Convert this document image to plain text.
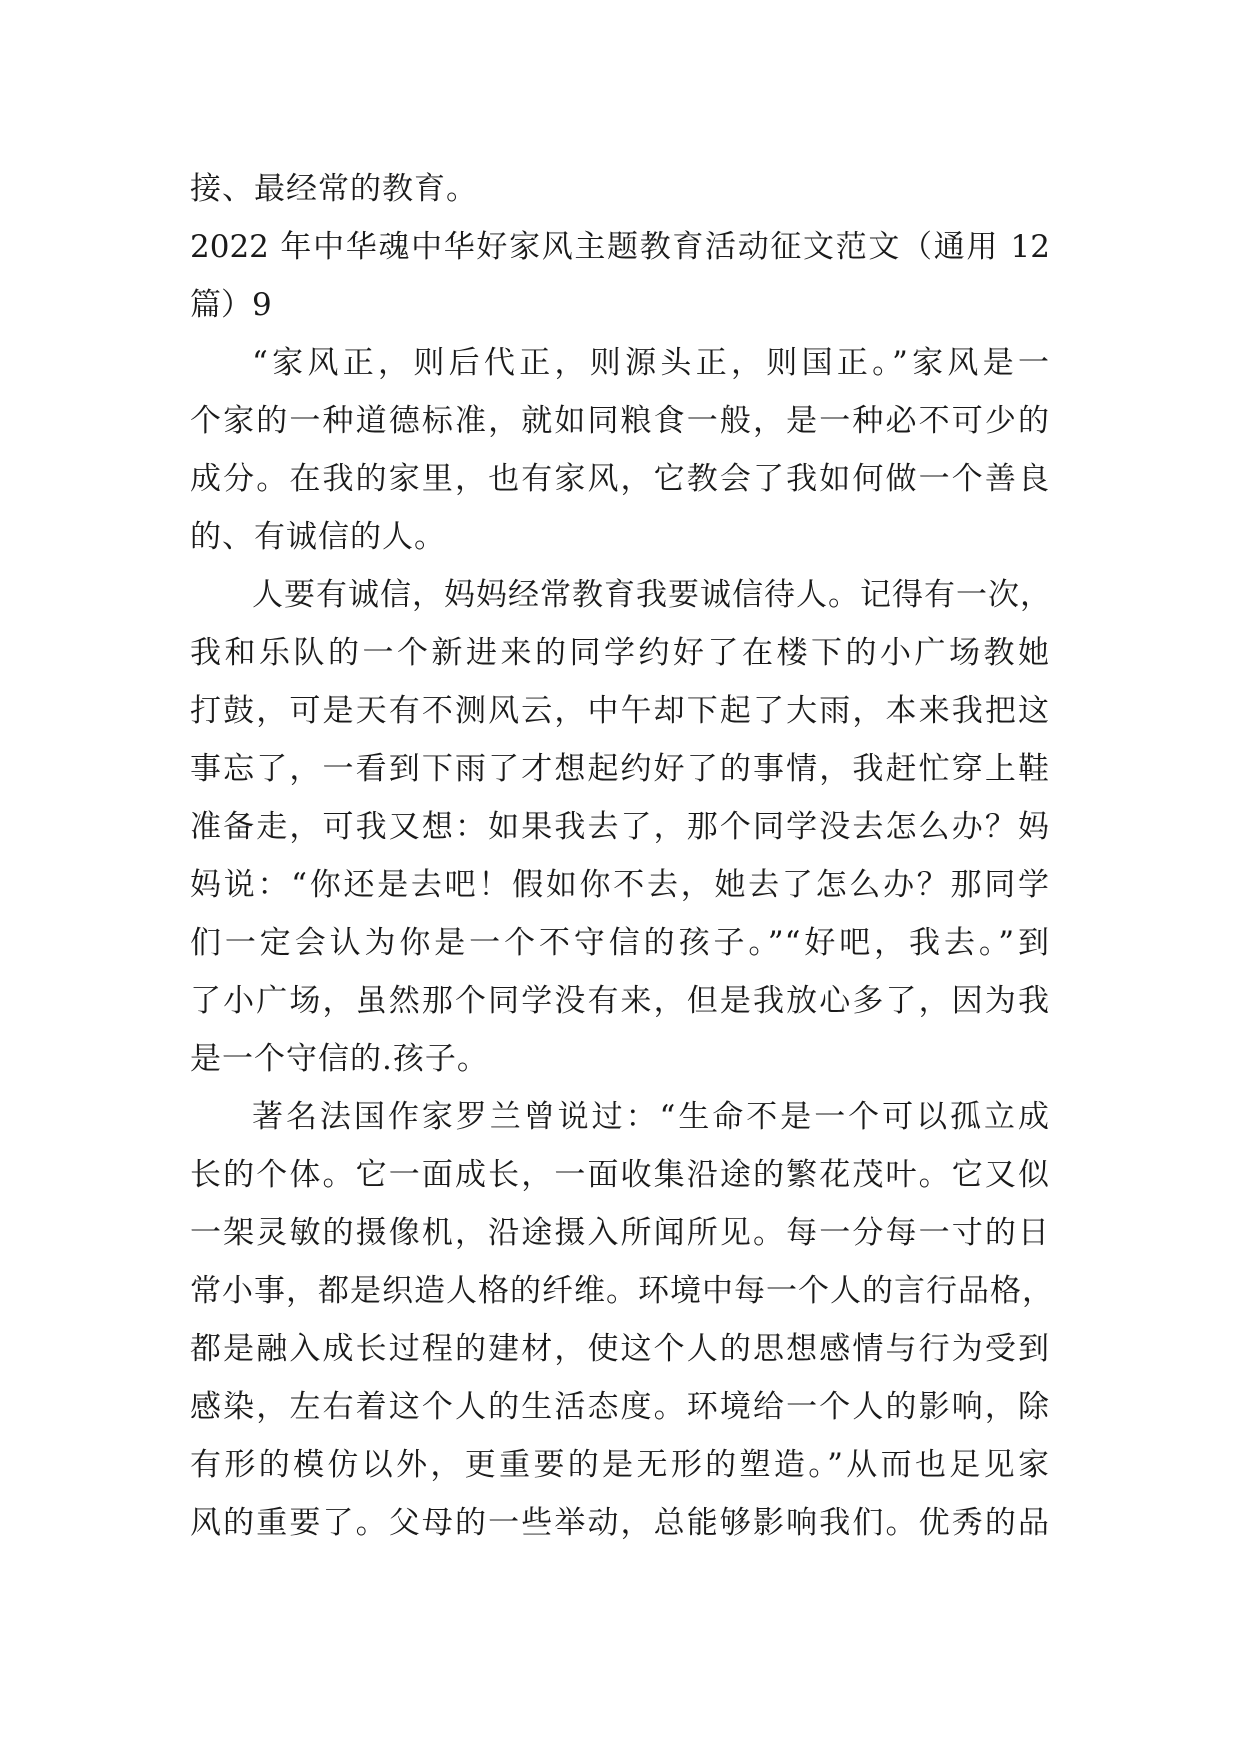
接、最经常的教育。
2022 年中华魂中华好家风主题教育活动征文范文（通用 12
篇）9
“家风正，则后代正，则源头正，则国正。”家风是一
个家的一种道德标准，就如同粮食一般，是一种必不可少的
成分。在我的家里，也有家风，它教会了我如何做一个善良
的、有诚信的人。
人要有诚信，妈妈经常教育我要诚信待人。记得有一次，
我和乐队的一个新进来的同学约好了在楼下的小广场教她
打鼓，可是天有不测风云，中午却下起了大雨，本来我把这
事忘了，一看到下雨了才想起约好了的事情，我赶忙穿上鞋
准备走，可我又想：如果我去了，那个同学没去怎么办？妈
妈说：“你还是去吧！假如你不去，她去了怎么办？那同学
们一定会认为你是一个不守信的孩子。”“好吧，我去。”到
了小广场，虽然那个同学没有来，但是我放心多了，因为我
是一个守信的.孩子。
著名法国作家罗兰曾说过：“生命不是一个可以孤立成
长的个体。它一面成长，一面收集沿途的繁花茂叶。它又似
一架灵敏的摄像机，沿途摄入所闻所见。每一分每一寸的日
常小事，都是织造人格的纤维。环境中每一个人的言行品格，
都是融入成长过程的建材，使这个人的思想感情与行为受到
感染，左右着这个人的生活态度。环境给一个人的影响，除
有形的模仿以外，更重要的是无形的塑造。”从而也足见家
风的重要了。父母的一些举动，总能够影响我们。优秀的品
